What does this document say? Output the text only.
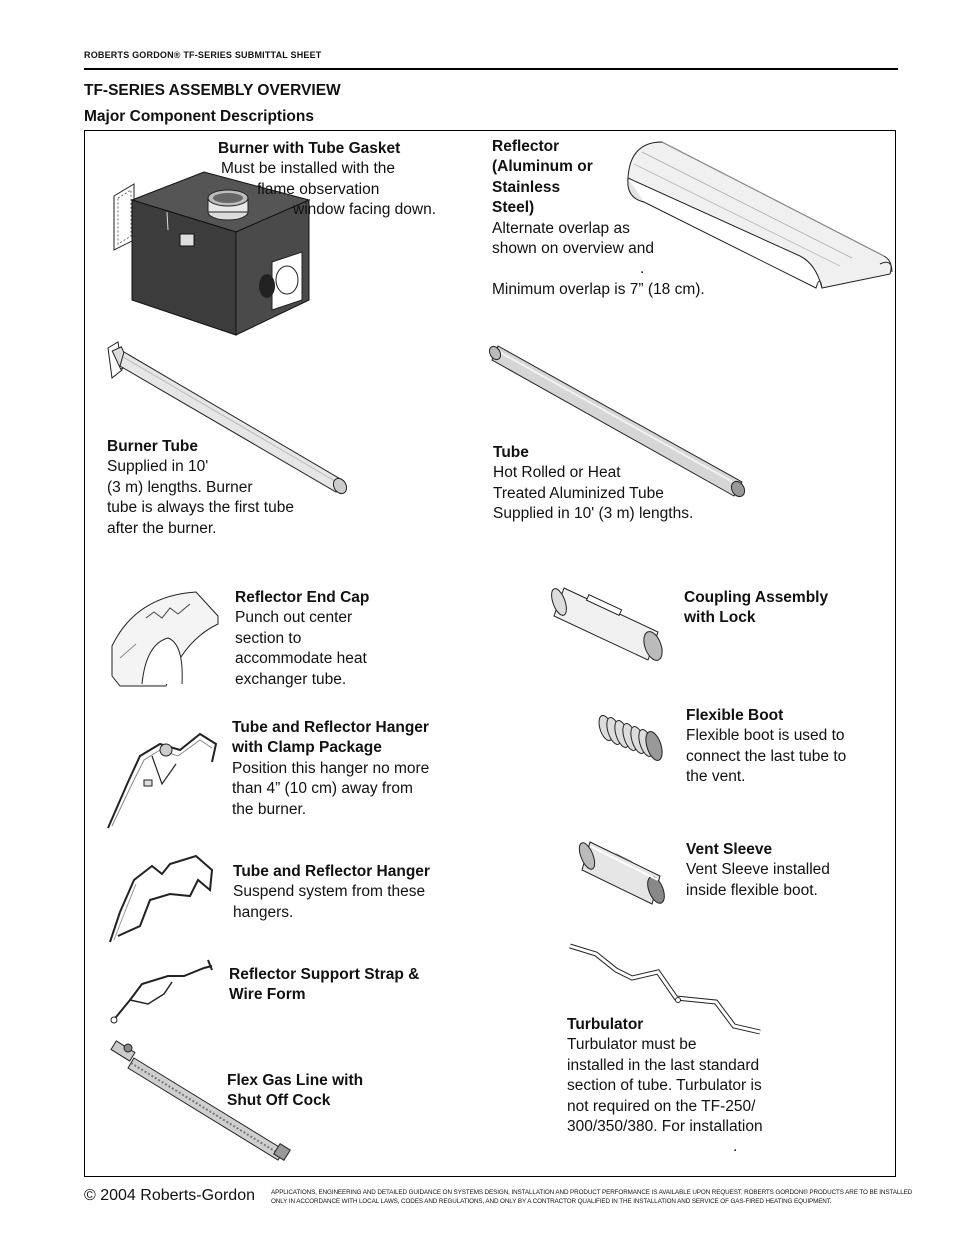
ROBERTS GORDON® TF-SERIES SUBMITTAL SHEET
TF-SERIES ASSEMBLY OVERVIEW
Major Component Descriptions
Burner with Tube Gasket
Must be installed with the
flame observation
window facing down.
Reflector
(Aluminum or
Stainless
Steel)
Alternate overlap as
shown on overview and
.
Minimum overlap is 7” (18 cm).
Burner Tube
Supplied in 10'
(3 m) lengths. Burner
tube is always the first tube
after the burner.
Tube
Hot Rolled or Heat
Treated Aluminized Tube
Supplied in 10' (3 m) lengths.
Reflector End Cap
Punch out center
section to
accommodate heat
exchanger tube.
Coupling Assembly
with Lock
Tube and Reflector Hanger
with Clamp Package
Position this hanger no more
than 4” (10 cm) away from
the burner.
Flexible Boot
Flexible boot is used to
connect the last tube to
the vent.
Tube and Reflector Hanger
Suspend system from these
hangers.
Vent Sleeve
Vent Sleeve installed
inside flexible boot.
Reflector Support Strap &
Wire Form
Turbulator
Turbulator must be
installed in the last standard
section of tube. Turbulator is
not required on the TF-250/
300/350/380. For installation
.
Flex Gas Line with
Shut Off Cock
© 2004 Roberts-Gordon	APPLICATIONS, ENGINEERING AND DETAILED GUIDANCE ON SYSTEMS DESIGN, INSTALLATION AND PRODUCT PERFORMANCE IS AVAILABLE UPON REQUEST. ROBERTS GORDON® PRODUCTS ARE TO BE INSTALLED ONLY IN ACCORDANCE WITH LOCAL LAWS, CODES AND REGULATIONS, AND ONLY BY A CONTRACTOR QUALIFIED IN THE INSTALLATION AND SERVICE OF GAS-FIRED HEATING EQUIPMENT.
